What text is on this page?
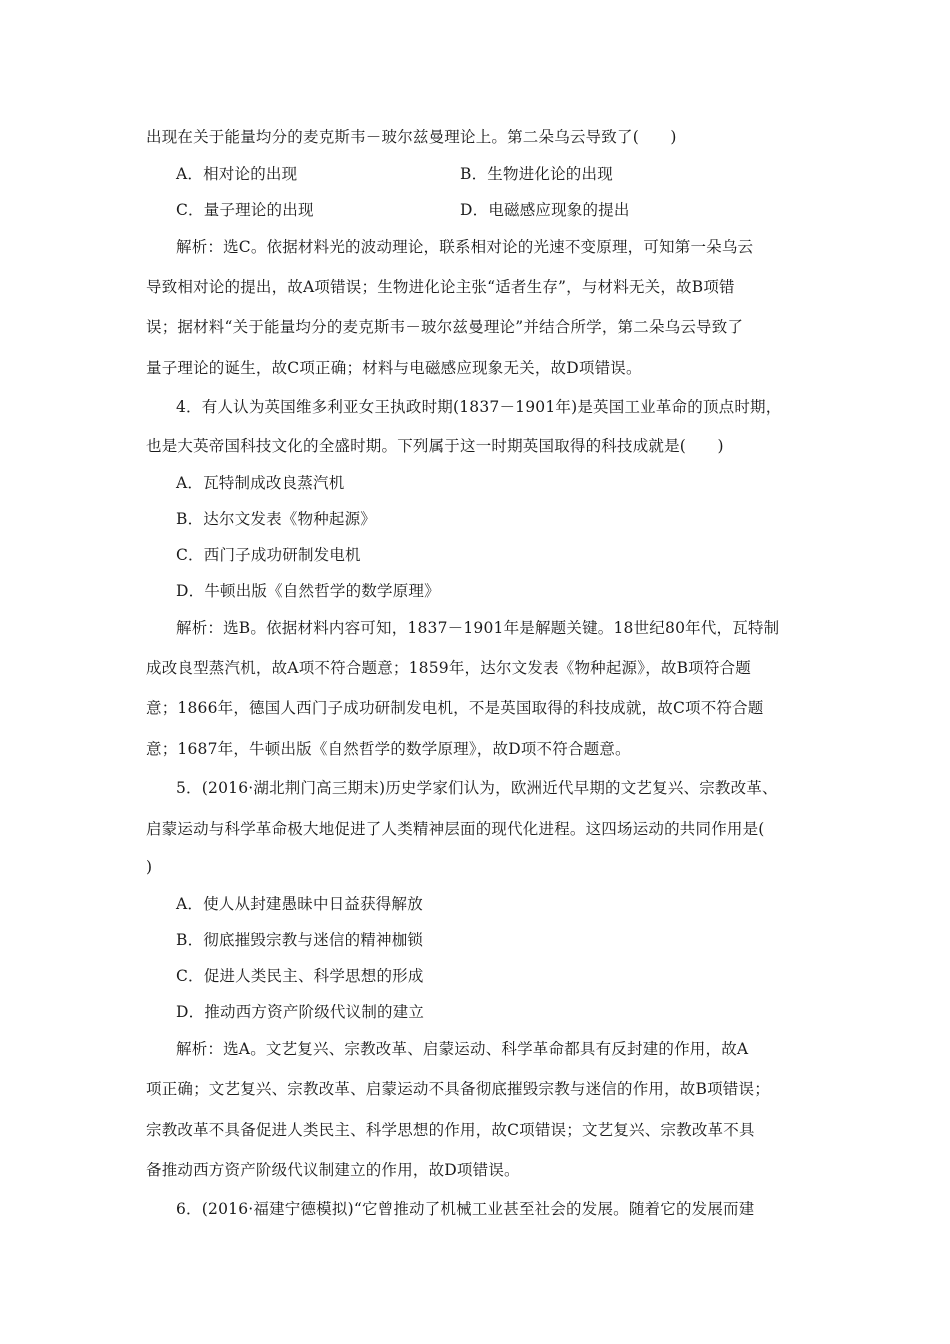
出现在关于能量均分的麦克斯韦－玻尔兹曼理论上。第二朵乌云导致了(　　)
A．相对论的出现	B．生物进化论的出现
C．量子理论的出现	D．电磁感应现象的提出
解析：选C。依据材料光的波动理论，联系相对论的光速不变原理，可知第一朵乌云
导致相对论的提出，故A项错误；生物进化论主张“适者生存”，与材料无关，故B项错
误；据材料“关于能量均分的麦克斯韦－玻尔兹曼理论”并结合所学，第二朵乌云导致了
量子理论的诞生，故C项正确；材料与电磁感应现象无关，故D项错误。
4．有人认为英国维多利亚女王执政时期(1837－1901年)是英国工业革命的顶点时期，
也是大英帝国科技文化的全盛时期。下列属于这一时期英国取得的科技成就是(　　)
A．瓦特制成改良蒸汽机
B．达尔文发表《物种起源》
C．西门子成功研制发电机
D．牛顿出版《自然哲学的数学原理》
解析：选B。依据材料内容可知，1837－1901年是解题关键。18世纪80年代，瓦特制
成改良型蒸汽机，故A项不符合题意；1859年，达尔文发表《物种起源》，故B项符合题
意；1866年，德国人西门子成功研制发电机，不是英国取得的科技成就，故C项不符合题
意；1687年，牛顿出版《自然哲学的数学原理》，故D项不符合题意。
5．(2016·湖北荆门高三期末)历史学家们认为，欧洲近代早期的文艺复兴、宗教改革、
启蒙运动与科学革命极大地促进了人类精神层面的现代化进程。这四场运动的共同作用是(
)
A．使人从封建愚昧中日益获得解放
B．彻底摧毁宗教与迷信的精神枷锁
C．促进人类民主、科学思想的形成
D．推动西方资产阶级代议制的建立
解析：选A。文艺复兴、宗教改革、启蒙运动、科学革命都具有反封建的作用，故A
项正确；文艺复兴、宗教改革、启蒙运动不具备彻底摧毁宗教与迷信的作用，故B项错误；
宗教改革不具备促进人类民主、科学思想的作用，故C项错误；文艺复兴、宗教改革不具
备推动西方资产阶级代议制建立的作用，故D项错误。
6．(2016·福建宁德模拟)“它曾推动了机械工业甚至社会的发展。随着它的发展而建
